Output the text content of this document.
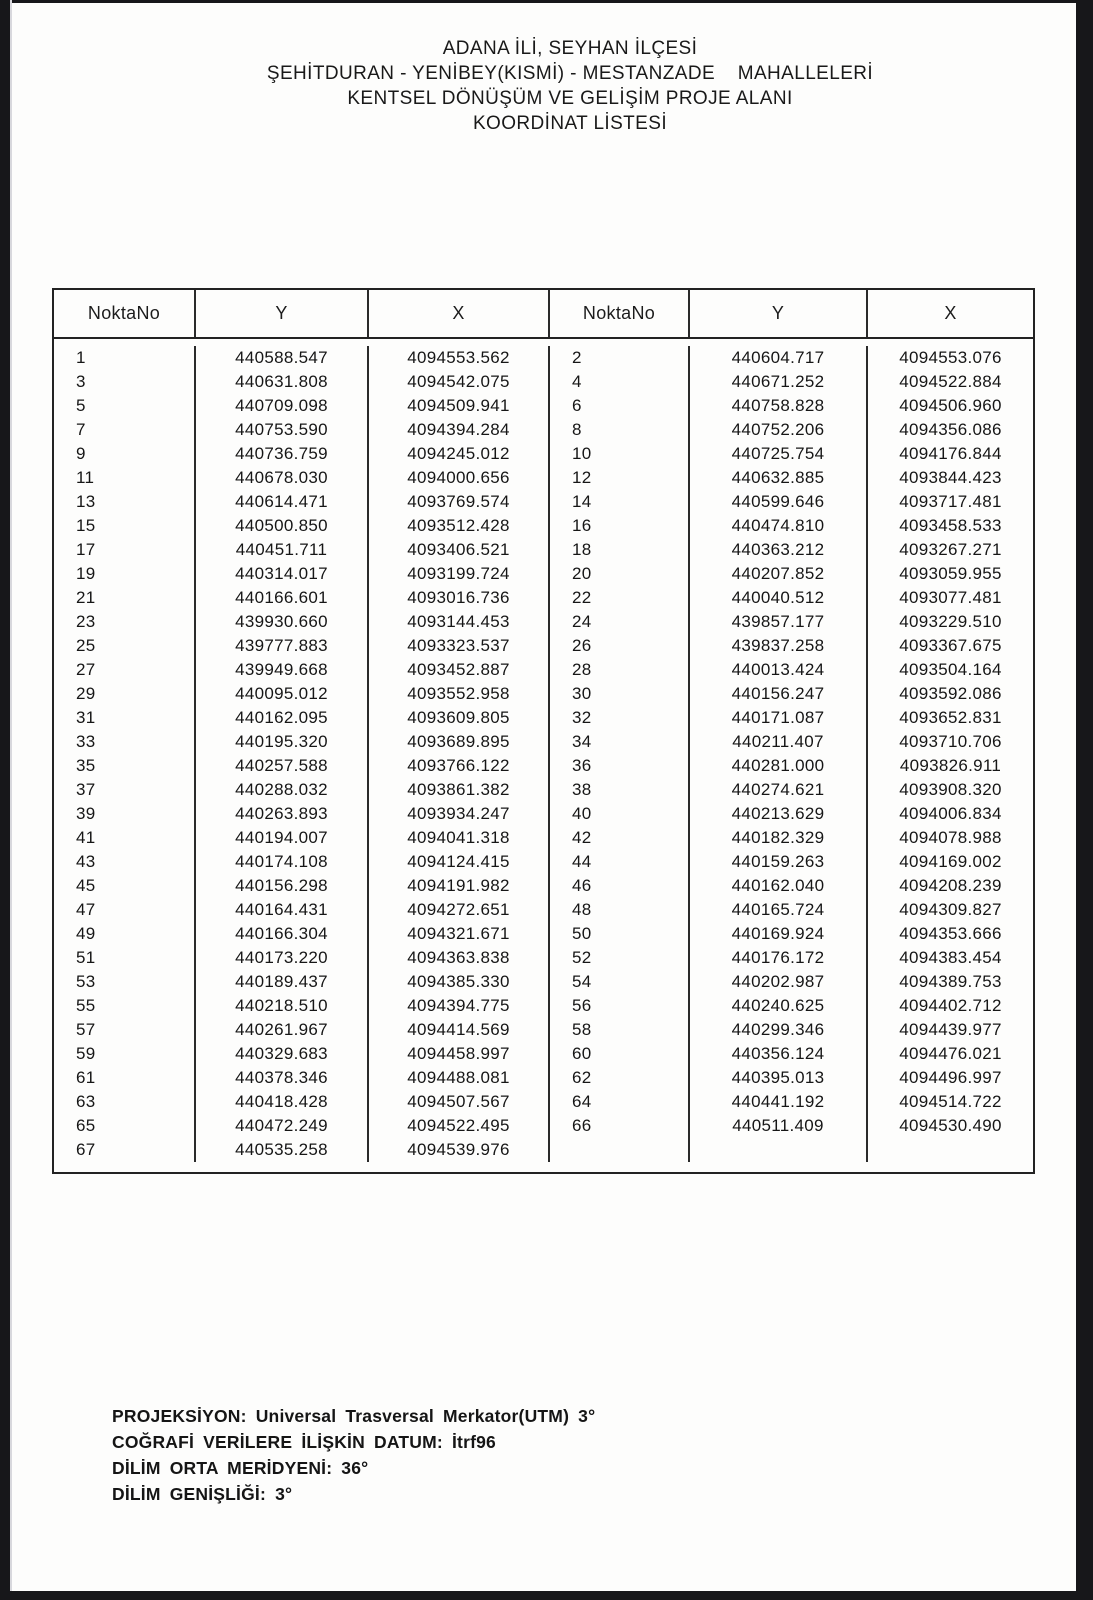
ADANA İLİ, SEYHAN İLÇESİ
ŞEHİTDURAN - YENİBEY(KISMİ) - MESTANZADE    MAHALLELERİ
KENTSEL DÖNÜŞÜM VE GELİŞİM PROJE ALANI
KOORDİNAT LİSTESİ
NoktaNo	Y	X	NoktaNo	Y	X
1	440588.547	4094553.562	2	440604.717	4094553.076
3	440631.808	4094542.075	4	440671.252	4094522.884
5	440709.098	4094509.941	6	440758.828	4094506.960
7	440753.590	4094394.284	8	440752.206	4094356.086
9	440736.759	4094245.012	10	440725.754	4094176.844
11	440678.030	4094000.656	12	440632.885	4093844.423
13	440614.471	4093769.574	14	440599.646	4093717.481
15	440500.850	4093512.428	16	440474.810	4093458.533
17	440451.711	4093406.521	18	440363.212	4093267.271
19	440314.017	4093199.724	20	440207.852	4093059.955
21	440166.601	4093016.736	22	440040.512	4093077.481
23	439930.660	4093144.453	24	439857.177	4093229.510
25	439777.883	4093323.537	26	439837.258	4093367.675
27	439949.668	4093452.887	28	440013.424	4093504.164
29	440095.012	4093552.958	30	440156.247	4093592.086
31	440162.095	4093609.805	32	440171.087	4093652.831
33	440195.320	4093689.895	34	440211.407	4093710.706
35	440257.588	4093766.122	36	440281.000	4093826.911
37	440288.032	4093861.382	38	440274.621	4093908.320
39	440263.893	4093934.247	40	440213.629	4094006.834
41	440194.007	4094041.318	42	440182.329	4094078.988
43	440174.108	4094124.415	44	440159.263	4094169.002
45	440156.298	4094191.982	46	440162.040	4094208.239
47	440164.431	4094272.651	48	440165.724	4094309.827
49	440166.304	4094321.671	50	440169.924	4094353.666
51	440173.220	4094363.838	52	440176.172	4094383.454
53	440189.437	4094385.330	54	440202.987	4094389.753
55	440218.510	4094394.775	56	440240.625	4094402.712
57	440261.967	4094414.569	58	440299.346	4094439.977
59	440329.683	4094458.997	60	440356.124	4094476.021
61	440378.346	4094488.081	62	440395.013	4094496.997
63	440418.428	4094507.567	64	440441.192	4094514.722
65	440472.249	4094522.495	66	440511.409	4094530.490
67	440535.258	4094539.976
PROJEKSİYON: Universal Trasversal Merkator(UTM) 3°
COĞRAFİ VERİLERE İLİŞKİN DATUM: İtrf96
DİLİM ORTA MERİDYENİ: 36°
DİLİM GENİŞLİĞİ: 3°
